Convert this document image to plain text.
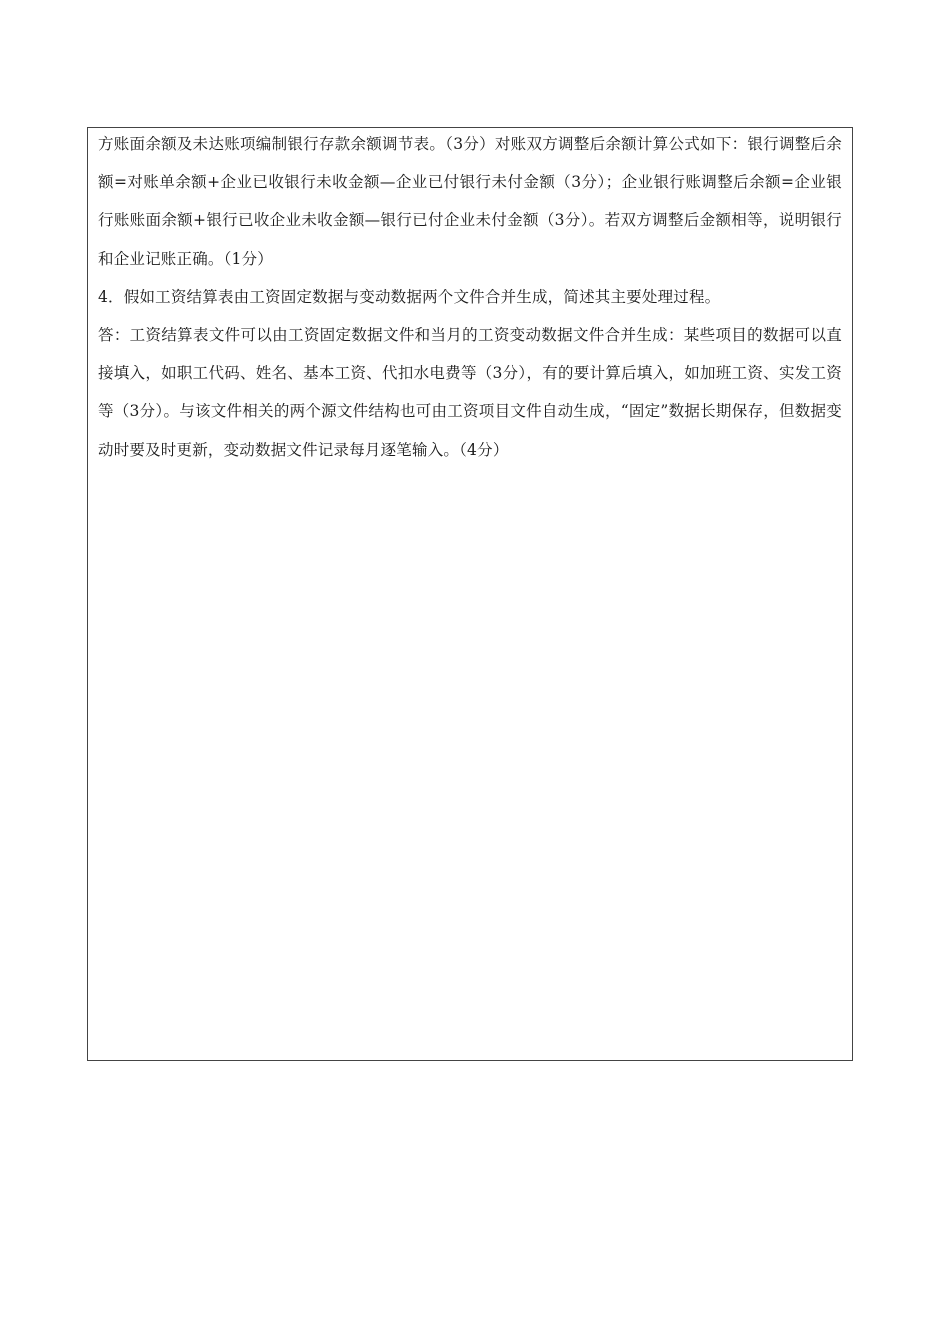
方账面余额及未达账项编制银行存款余额调节表。（3分）对账双方调整后余额计算公式如下：银行调整后余额=对账单余额+企业已收银行未收金额—企业已付银行未付金额（3分）；企业银行账调整后余额=企业银行账账面余额+银行已收企业未收金额—银行已付企业未付金额（3分）。若双方调整后金额相等，说明银行和企业记账正确。（1分）

4．假如工资结算表由工资固定数据与变动数据两个文件合并生成，简述其主要处理过程。

答：工资结算表文件可以由工资固定数据文件和当月的工资变动数据文件合并生成：某些项目的数据可以直接填入，如职工代码、姓名、基本工资、代扣水电费等（3分），有的要计算后填入，如加班工资、实发工资等（3分）。与该文件相关的两个源文件结构也可由工资项目文件自动生成，“固定”数据长期保存，但数据变动时要及时更新，变动数据文件记录每月逐笔输入。（4分）
